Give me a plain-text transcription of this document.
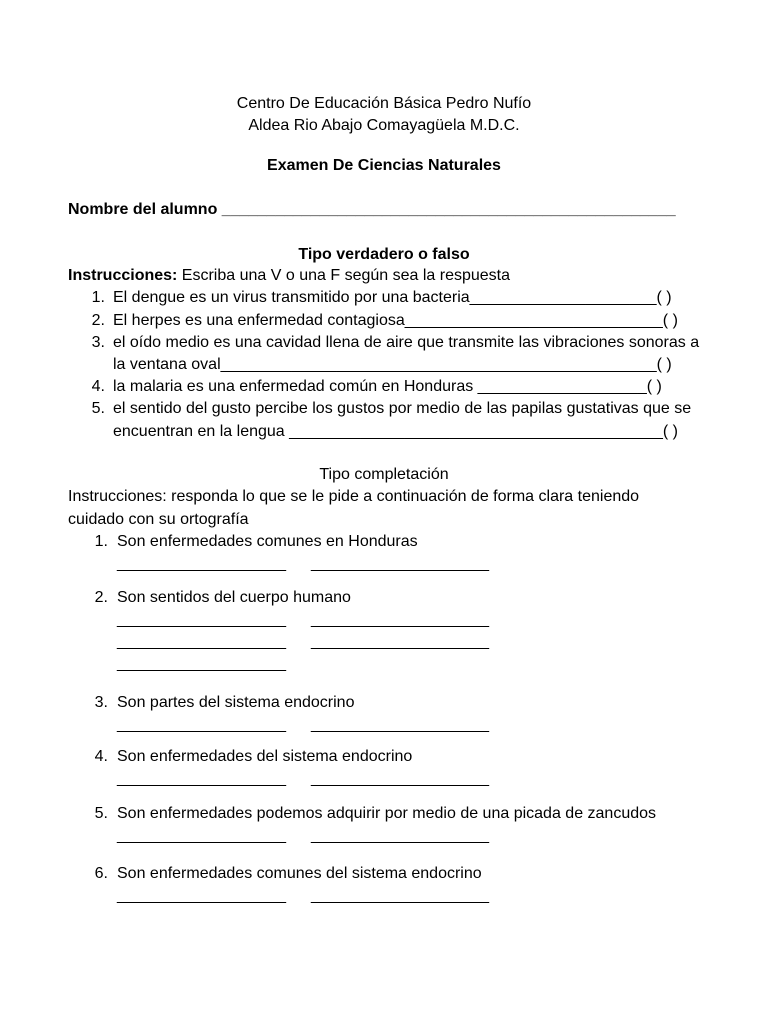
Centro De Educación Básica Pedro Nufío
Aldea Rio Abajo Comayagüela M.D.C.
Examen De Ciencias Naturales
Nombre del alumno ___________________________________________________
Tipo verdadero o falso
Instrucciones: Escriba una V o una F según sea la respuesta
1. El dengue es un virus transmitido por una bacteria_____________________( )
2. El herpes es una enfermedad contagiosa_____________________________( )
3. el oído medio es una cavidad llena de aire que transmite las vibraciones sonoras a
la ventana oval_________________________________________________( )
4. la malaria es una enfermedad común en Honduras ___________________( )
5. el sentido del gusto percibe los gustos por medio de las papilas gustativas que se
encuentran en la lengua __________________________________________( )
Tipo completación
Instrucciones: responda lo que se le pide a continuación de forma clara teniendo
cuidado con su ortografía
1. Son enfermedades comunes en Honduras
___________________ ____________________
2. Son sentidos del cuerpo humano
___________________ ____________________
___________________ ____________________
___________________
3. Son partes del sistema endocrino
___________________ ____________________
4. Son enfermedades del sistema endocrino
___________________ ____________________
5. Son enfermedades podemos adquirir por medio de una picada de zancudos
___________________ ____________________
6. Son enfermedades comunes del sistema endocrino
___________________ ____________________
